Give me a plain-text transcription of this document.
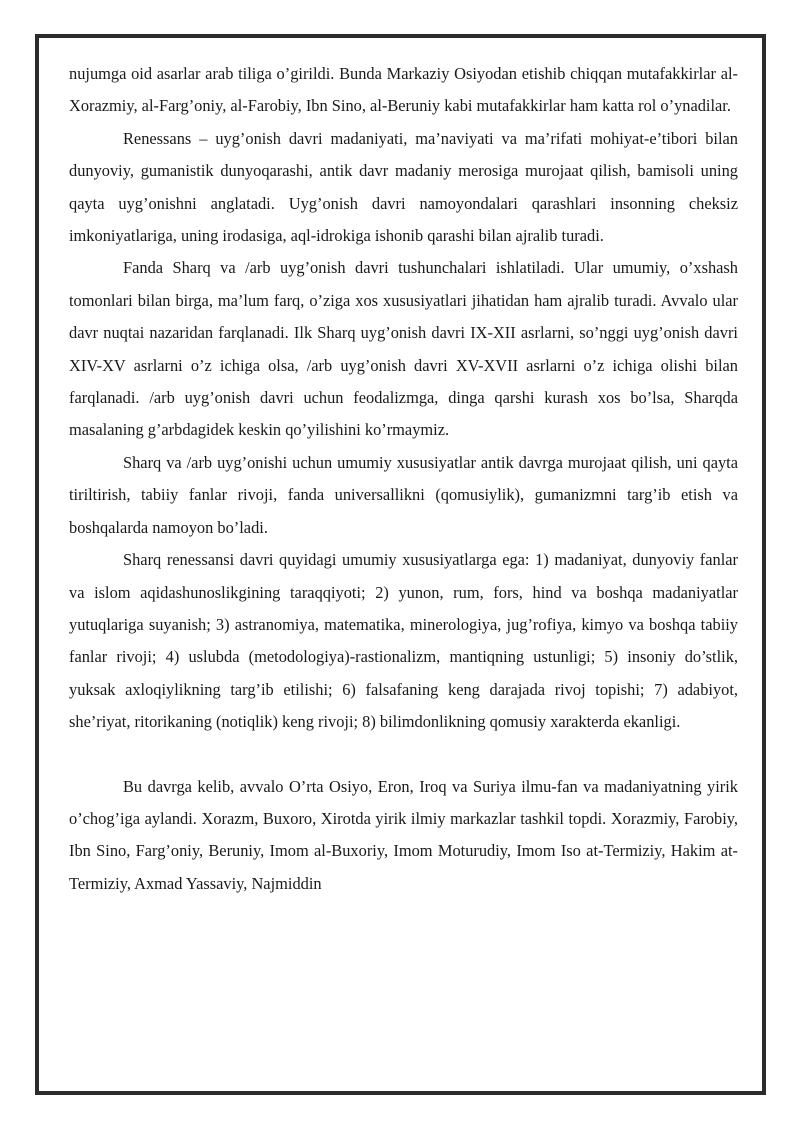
nujumga oid asarlar arab tiliga o’girildi. Bunda Markaziy Osiyodan etishib chiqqan mutafakkirlar al-Xorazmiy, al-Farg’oniy, al-Farobiy, Ibn Sino, al-Beruniy kabi mutafakkirlar ham katta rol o’ynadilar.

Renessans – uyg’onish davri madaniyati, ma’naviyati va ma’rifati mohiyat-e’tibori bilan dunyoviy, gumanistik dunyoqarashi, antik davr madaniy merosiga murojaat qilish, bamisoli uning qayta uyg’onishni anglatadi. Uyg’onish davri namoyondalari qarashlari insonning cheksiz imkoniyatlariga, uning irodasiga, aql-idrokiga ishonib qarashi bilan ajralib turadi.

Fanda Sharq va /arb uyg’onish davri tushunchalari ishlatiladi. Ular umumiy, o’xshash tomonlari bilan birga, ma’lum farq, o’ziga xos xususiyatlari jihatidan ham ajralib turadi. Avvalo ular davr nuqtai nazaridan farqlanadi. Ilk Sharq uyg’onish davri IX-XII asrlarni, so’nggi uyg’onish davri XIV-XV asrlarni o’z ichiga olsa, /arb uyg’onish davri XV-XVII asrlarni o’z ichiga olishi bilan farqlanadi. /arb uyg’onish davri uchun feodalizmga, dinga qarshi kurash xos bo’lsa, Sharqda masalaning g’arbdagidek keskin qo’yilishini ko’rmaymiz.

Sharq va /arb uyg’onishi uchun umumiy xususiyatlar antik davrga murojaat qilish, uni qayta tiriltirish, tabiiy fanlar rivoji, fanda universallikni (qomusiylik), gumanizmni targ’ib etish va boshqalarda namoyon bo’ladi.

Sharq renessansi davri quyidagi umumiy xususiyatlarga ega: 1) madaniyat, dunyoviy fanlar va islom aqidashunoslikgining taraqqiyoti; 2) yunon, rum, fors, hind va boshqa madaniyatlar yutuqlariga suyanish; 3) astranomiya, matematika, minerologiya, jug’rofiya, kimyo va boshqa tabiiy fanlar rivoji; 4) uslubda (metodologiya)-rastionalizm, mantiqning ustunligi; 5) insoniy do’stlik, yuksak axloqiylikning targ’ib etilishi; 6) falsafaning keng darajada rivoj topishi; 7) adabiyot, she’riyat, ritorikaning (notiqlik) keng rivoji; 8) bilimdonlikning qomusiy xarakterda ekanligi.

Bu davrga kelib, avvalo O’rta Osiyo, Eron, Iroq va Suriya ilmu-fan va madaniyatning yirik o’chog’iga aylandi. Xorazm, Buxoro, Xirotda yirik ilmiy markazlar tashkil topdi. Xorazmiy, Farobiy, Ibn Sino, Farg’oniy, Beruniy, Imom al-Buxoriy, Imom Moturudiy, Imom Iso at-Termiziy, Hakim at-Termiziy, Axmad Yassaviy, Najmiddin
